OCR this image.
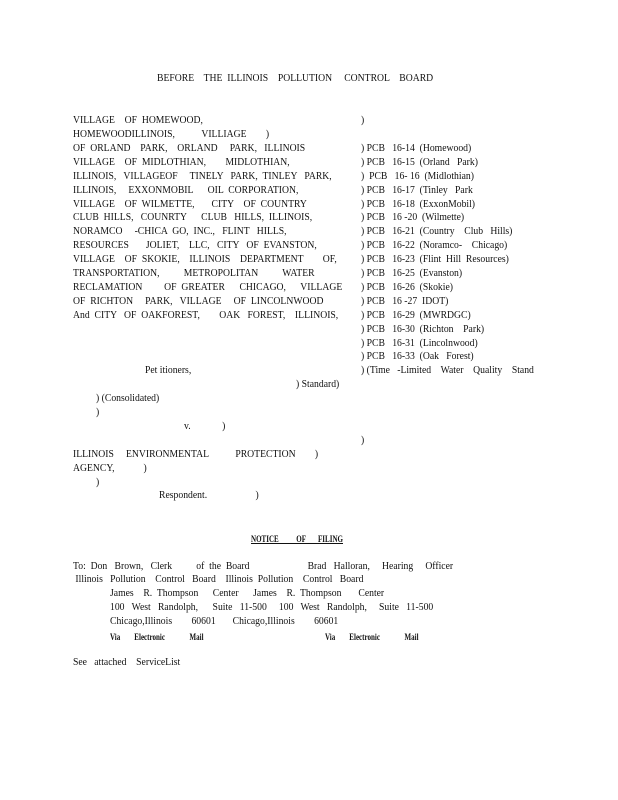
BEFORE    THE  ILLINOIS    POLLUTION     CONTROL    BOARD
VILLAGE    OF  HOMEWOOD,
HOMEWOODILLINOIS,           VILLIAGE        )
OF  ORLAND    PARK,    ORLAND     PARK,   ILLINOIS
VILLAGE    OF  MIDLOTHIAN,        MIDLOTHIAN,
ILLINOIS,   VILLAGEOF     TINELY   PARK,  TINLEY   PARK,
ILLINOIS,     EXXONMOBIL      OIL  CORPORATION,
VILLAGE    OF  WILMETTE,       CITY    OF  COUNTRY
CLUB  HILLS,   COUNRTY      CLUB   HILLS,  ILLINOIS,
NORAMCO     -CHICA  GO,  INC.,   FLINT   HILLS,
RESOURCES       JOLIET,    LLC,   CITY   OF  EVANSTON,
VILLAGE    OF  SKOKIE,    ILLINOIS    DEPARTMENT        OF,
TRANSPORTATION,          METROPOLITAN          WATER
RECLAMATION         OF  GREATER      CHICAGO,      VILLAGE
OF  RICHTON     PARK,   VILLAGE     OF  LINCOLNWOOD
And  CITY   OF  OAKFOREST,        OAK   FOREST,    ILLINOIS,
)
) PCB   16-14  (Homewood)
) PCB   16-15  (Orland   Park)
)  PCB   16- 16  (Midlothian)
) PCB   16-17  (Tinley   Park
) PCB   16-18  (ExxonMobil)
) PCB   16 -20  (Wilmette)
) PCB   16-21  (Country    Club   Hills)
) PCB   16-22  (Noramco-    Chicago)
) PCB   16-23  (Flint  Hill  Resources)
) PCB   16-25  (Evanston)
) PCB   16-26  (Skokie)
) PCB   16 -27  IDOT)
) PCB   16-29  (MWRDGC)
) PCB   16-30  (Richton    Park)
) PCB   16-31  (Lincolnwood)
) PCB   16-33  (Oak   Forest)
) (Time   -Limited    Water    Quality    Stand
Pet itioners,
) Standard)
) (Consolidated)
)
v.             )
)
ILLINOIS     ENVIRONMENTAL           PROTECTION        )
AGENCY,            )
)
Respondent.                    )
NOTICE          OF       FILING
To:  Don   Brown,   Clerk          of  the  Board                        Brad   Halloran,     Hearing     Officer
Illinois   Pollution    Control   Board    Illinois  Pollution    Control   Board
James    R.  Thompson      Center      James    R.  Thompson       Center
100   West   Randolph,      Suite   11-500     100   West   Randolph,     Suite   11-500
Chicago,Illinois        60601       Chicago,Illinois        60601
Via        Electronic              Mail	Via        Electronic              Mail
See   attached    ServiceList
